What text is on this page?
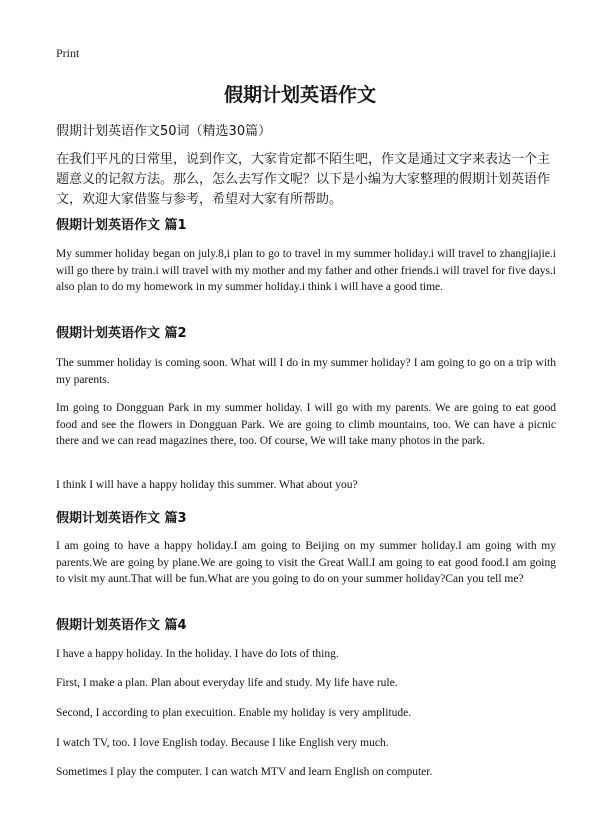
Print
假期计划英语作文
假期计划英语作文50词（精选30篇）

在我们平凡的日常里，说到作文，大家肯定都不陌生吧，作文是通过文字来表达一个主题意义的记叙方法。那么，怎么去写作文呢？以下是小编为大家整理的假期计划英语作文，欢迎大家借鉴与参考，希望对大家有所帮助。

假期计划英语作文 篇1

My summer holiday began on july.8,i plan to go to travel in my summer holiday.i will travel to zhangjiajie.i will go there by train.i will travel with my mother and my father and other friends.i will travel for five days.i also plan to do my homework in my summer holiday.i think i will have a good time.

假期计划英语作文 篇2

The summer holiday is coming soon. What will I do in my summer holiday? I am going to go on a trip with my parents.

Im going to Dongguan Park in my summer holiday. I will go with my parents. We are going to eat good food and see the flowers in Dongguan Park. We are going to climb mountains, too. We can have a picnic there and we can read magazines there, too. Of course, We will take many photos in the park.

I think I will have a happy holiday this summer. What about you?

假期计划英语作文 篇3

I am going to have a happy holiday.I am going to Beijing on my summer holiday.I am going with my parents.We are going by plane.We are going to visit the Great Wall.I am going to eat good food.I am going to visit my aunt.That will be fun.What are you going to do on your summer holiday?Can you tell me?

假期计划英语作文 篇4

I have a happy holiday. In the holiday. I have do lots of thing.

First, I make a plan. Plan about everyday life and study. My life have rule.

Second, I according to plan execuition. Enable my holiday is very amplitude.

I watch TV, too. I love English today. Because I like English very much.

Sometimes I play the computer. I can watch MTV and learn English on computer.
